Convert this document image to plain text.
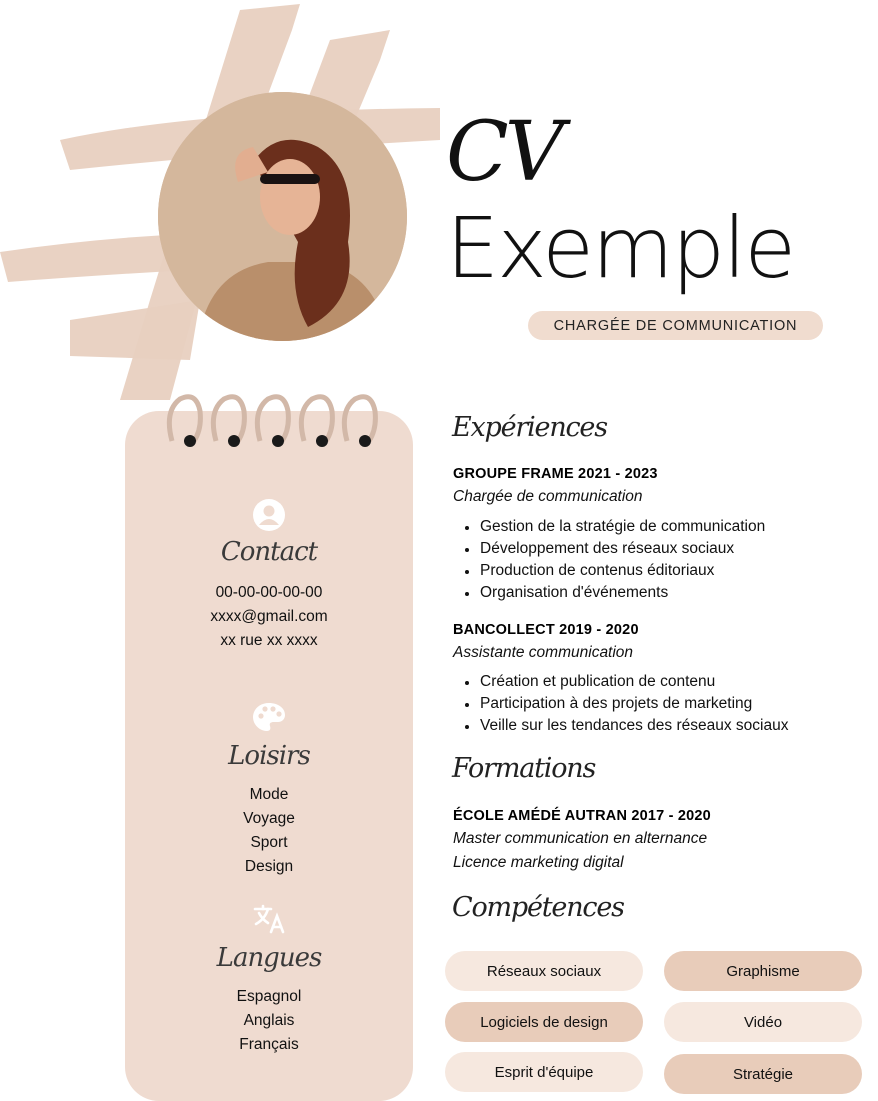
CV
Exemple
CHARGÉE DE COMMUNICATION
Contact
00-00-00-00-00
xxxx@gmail.com
xx rue xx xxxx
Loisirs
Mode
Voyage
Sport
Design
Langues
Espagnol
Anglais
Français
Expériences
GROUPE FRAME 2021 - 2023
Chargée de communication
Gestion de la stratégie de communication
Développement des réseaux sociaux
Production de contenus éditoriaux
Organisation d'événements
BANCOLLECT 2019 - 2020
Assistante communication
Création et publication de contenu
Participation à des projets de marketing
Veille sur les tendances des réseaux sociaux
Formations
ÉCOLE AMÉDÉ AUTRAN 2017 - 2020
Master communication en alternance
Licence marketing digital
Compétences
Réseaux sociaux	Graphisme
Logiciels de design	Vidéo
Esprit d'équipe	Stratégie
